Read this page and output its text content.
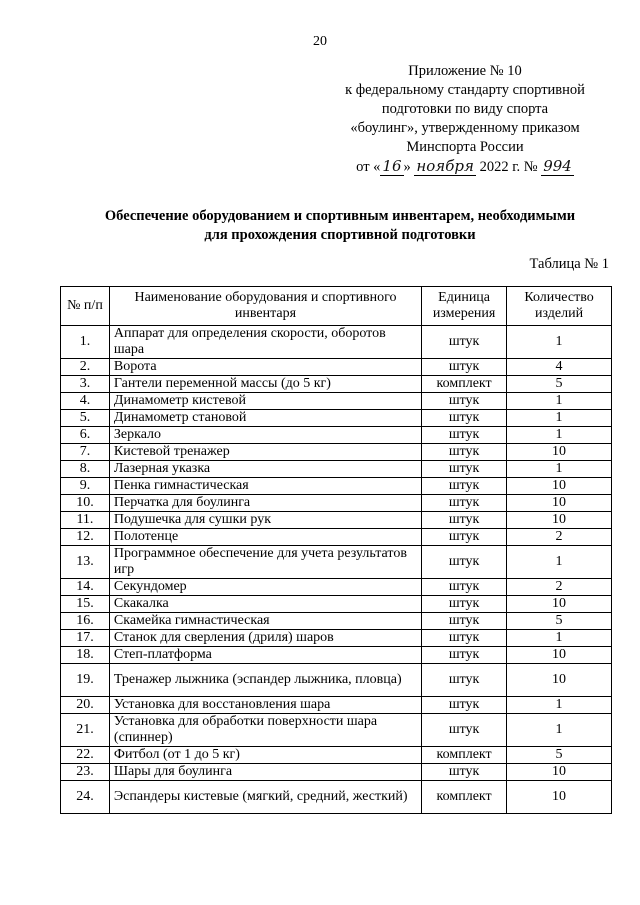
20
Приложение № 10
к федеральному стандарту спортивной
подготовки по виду спорта
«боулинг», утвержденному приказом
Минспорта России
от « 16 » ноября 2022 г. № 994
Обеспечение оборудованием и спортивным инвентарем, необходимыми
для прохождения спортивной подготовки
Таблица № 1
№ п/п	Наименование оборудования и спортивного инвентаря	Единица измерения	Количество изделий
1.	Аппарат для определения скорости, оборотов шара	штук	1
2.	Ворота	штук	4
3.	Гантели переменной массы (до 5 кг)	комплект	5
4.	Динамометр кистевой	штук	1
5.	Динамометр становой	штук	1
6.	Зеркало	штук	1
7.	Кистевой тренажер	штук	10
8.	Лазерная указка	штук	1
9.	Пенка гимнастическая	штук	10
10.	Перчатка для боулинга	штук	10
11.	Подушечка для сушки рук	штук	10
12.	Полотенце	штук	2
13.	Программное обеспечение для учета результатов игр	штук	1
14.	Секундомер	штук	2
15.	Скакалка	штук	10
16.	Скамейка гимнастическая	штук	5
17.	Станок для сверления (дриля) шаров	штук	1
18.	Степ-платформа	штук	10
19.	Тренажер лыжника (эспандер лыжника, пловца)	штук	10
20.	Установка для восстановления шара	штук	1
21.	Установка для обработки поверхности шара (спиннер)	штук	1
22.	Фитбол (от 1 до 5 кг)	комплект	5
23.	Шары для боулинга	штук	10
24.	Эспандеры кистевые (мягкий, средний, жесткий)	комплект	10
